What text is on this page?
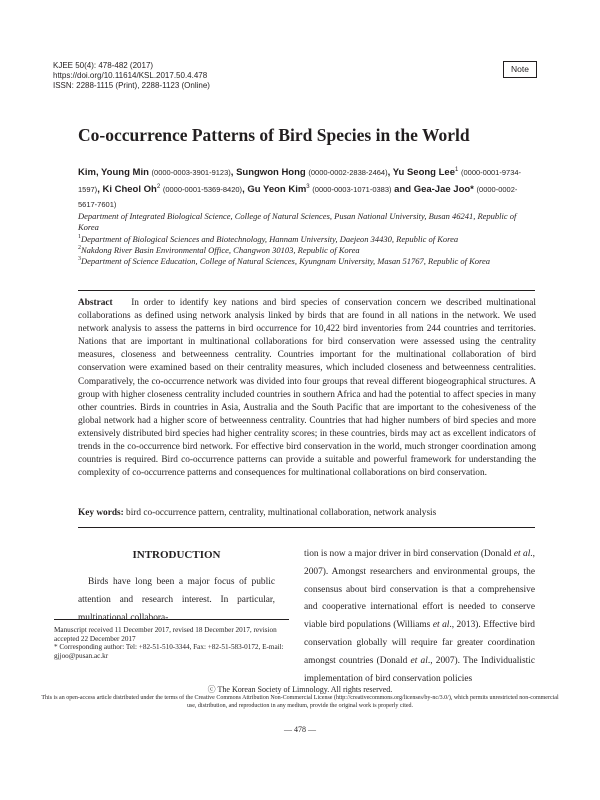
KJEE 50(4): 478-482 (2017)
https://doi.org/10.11614/KSL.2017.50.4.478
ISSN: 2288-1115 (Print), 2288-1123 (Online)
Note
Co-occurrence Patterns of Bird Species in the World
Kim, Young Min (0000-0003-3901-9123), Sungwon Hong (0000-0002-2838-2464), Yu Seong Lee$^1$ (0000-0001-9734-1597), Ki Cheol Oh$^2$ (0000-0001-5369-8420), Gu Yeon Kim$^3$ (0000-0003-1071-0383) and Gea-Jae Joo* (0000-0002-5617-7601)
Department of Integrated Biological Science, College of Natural Sciences, Pusan National University, Busan 46241, Republic of Korea
$^1$Department of Biological Sciences and Biotechnology, Hannam University, Daejeon 34430, Republic of Korea
$^2$Nakdong River Basin Environmental Office, Changwon 30103, Republic of Korea
$^3$Department of Science Education, College of Natural Sciences, Kyungnam University, Masan 51767, Republic of Korea
Abstract In order to identify key nations and bird species of conservation concern we described multinational collaborations as defined using network analysis linked by birds that are found in all nations in the network. We used network analysis to assess the patterns in bird occurrence for 10,422 bird inventories from 244 countries and territories. Nations that are important in multinational collaborations for bird conservation were assessed using the centrality measures, closeness and betweenness centrality. Countries important for the multinational collaboration of bird conservation were examined based on their centrality measures, which included closeness and betweenness centralities. Comparatively, the co-occurrence network was divided into four groups that reveal different biogeographical structures. A group with higher closeness centrality included countries in southern Africa and had the potential to affect species in many other countries. Birds in countries in Asia, Australia and the South Pacific that are important to the cohesiveness of the global network had a higher score of betweenness centrality. Countries that had higher numbers of bird species and more extensively distributed bird species had higher centrality scores; in these countries, birds may act as excellent indicators of trends in the co-occurrence bird network. For effective bird conservation in the world, much stronger coordination among countries is required. Bird co-occurrence patterns can provide a suitable and powerful framework for understanding the complexity of co-occurrence patterns and consequences for multinational collaborations on bird conservation.
Key words: bird co-occurrence pattern, centrality, multinational collaboration, network analysis
INTRODUCTION
Birds have long been a major focus of public attention and research interest. In particular, multinational collabora-
tion is now a major driver in bird conservation (Donald et al., 2007). Amongst researchers and environmental groups, the consensus about bird conservation is that a comprehensive and cooperative international effort is needed to conserve viable bird populations (Williams et al., 2013). Effective bird conservation globally will require far greater coordination amongst countries (Donald et al., 2007). The Individualistic implementation of bird conservation policies
Manuscript received 11 December 2017, revised 18 December 2017, revision accepted 22 December 2017
* Corresponding author: Tel: +82-51-510-3344, Fax: +82-51-583-0172, E-mail: gjjoo@pusan.ac.kr
ⓒ The Korean Society of Limnology. All rights reserved.
This is an open-access article distributed under the terms of the Creative Commons Attribution Non-Commercial License (http://creativecommons.org/licenses/by-nc/3.0/), which permits unrestricted non-commercial use, distribution, and reproduction in any medium, provide the original work is properly cited.
— 478 —
